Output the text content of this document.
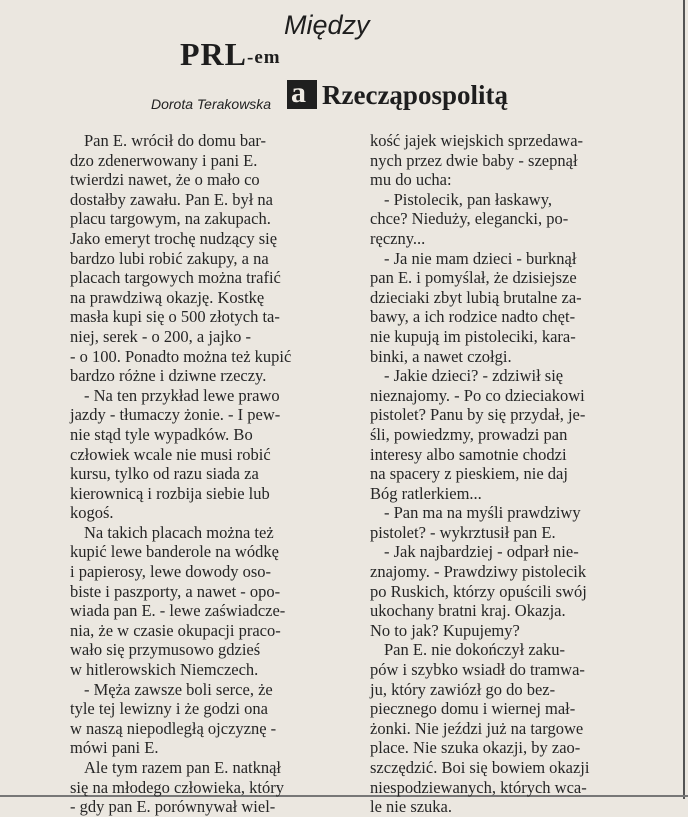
Między
PRL-em
a Rzecząpospolitą
Dorota Terakowska
Pan E. wrócił do domu bar-
dzo zdenerwowany i pani E.
twierdzi nawet, że o mało co
dostałby zawału. Pan E. był na
placu targowym, na zakupach.
Jako emeryt trochę nudzący się
bardzo lubi robić zakupy, a na
placach targowych można trafić
na prawdziwą okazję. Kostkę
masła kupi się o 500 złotych ta-
niej, serek - o 200, a jajko -
- o 100. Ponadto można też kupić
bardzo różne i dziwne rzeczy.
- Na ten przykład lewe prawo
jazdy - tłumaczy żonie. - I pew-
nie stąd tyle wypadków. Bo
człowiek wcale nie musi robić
kursu, tylko od razu siada za
kierownicą i rozbija siebie lub
kogoś.
Na takich placach można też
kupić lewe banderole na wódkę
i papierosy, lewe dowody oso-
biste i paszporty, a nawet - opo-
wiada pan E. - lewe zaświadcze-
nia, że w czasie okupacji praco-
wało się przymusowo gdzieś
w hitlerowskich Niemczech.
- Męża zawsze boli serce, że
tyle tej lewizny i że godzi ona
w naszą niepodległą ojczyznę -
mówi pani E.
Ale tym razem pan E. natknął
się na młodego człowieka, który
- gdy pan E. porównywał wiel-
kość jajek wiejskich sprzedawa-
nych przez dwie baby - szepnął
mu do ucha:
- Pistolecik, pan łaskawy,
chce? Nieduży, elegancki, po-
ręczny...
- Ja nie mam dzieci - burknął
pan E. i pomyślał, że dzisiejsze
dzieciaki zbyt lubią brutalne za-
bawy, a ich rodzice nadto chęt-
nie kupują im pistoleciki, kara-
binki, a nawet czołgi.
- Jakie dzieci? - zdziwił się
nieznajomy. - Po co dzieciakowi
pistolet? Panu by się przydał, je-
śli, powiedzmy, prowadzi pan
interesy albo samotnie chodzi
na spacery z pieskiem, nie daj
Bóg ratlerkiem...
- Pan ma na myśli prawdziwy
pistolet? - wykrztusił pan E.
- Jak najbardziej - odparł nie-
znajomy. - Prawdziwy pistolecik
po Ruskich, którzy opuścili swój
ukochany bratni kraj. Okazja.
No to jak? Kupujemy?
Pan E. nie dokończył zaku-
pów i szybko wsiadł do tramwa-
ju, który zawiózł go do bez-
piecznego domu i wiernej mał-
żonki. Nie jeździ już na targowe
place. Nie szuka okazji, by zao-
szczędzić. Boi się bowiem okazji
niespodziewanych, których wca-
le nie szuka.
